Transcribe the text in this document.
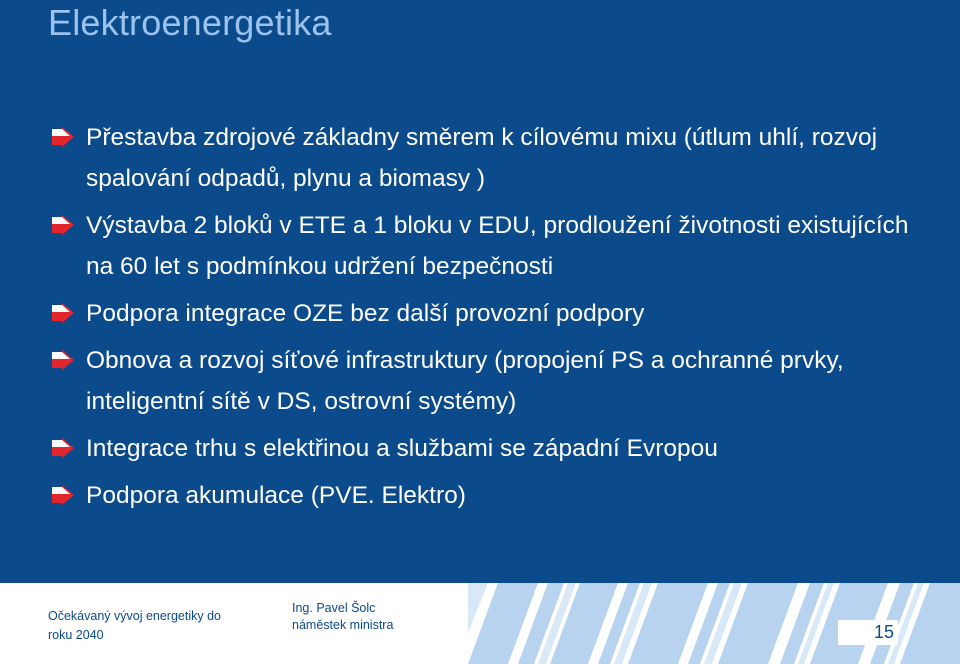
Elektroenergetika
Přestavba zdrojové základny směrem k cílovému mixu (útlum uhlí, rozvoj spalování odpadů, plynu a biomasy )
Výstavba 2 bloků v ETE a 1 bloku v EDU, prodloužení životnosti existujících na 60 let s podmínkou udržení bezpečnosti
Podpora integrace OZE bez další provozní podpory
Obnova a rozvoj síťové infrastruktury (propojení PS a ochranné prvky, inteligentní sítě v DS, ostrovní systémy)
Integrace trhu s elektřinou a službami se západní Evropou
Podpora akumulace (PVE. Elektro)
Očekávaný vývoj energetiky do roku 2040
Ing. Pavel Šolc
náměstek ministra	15
